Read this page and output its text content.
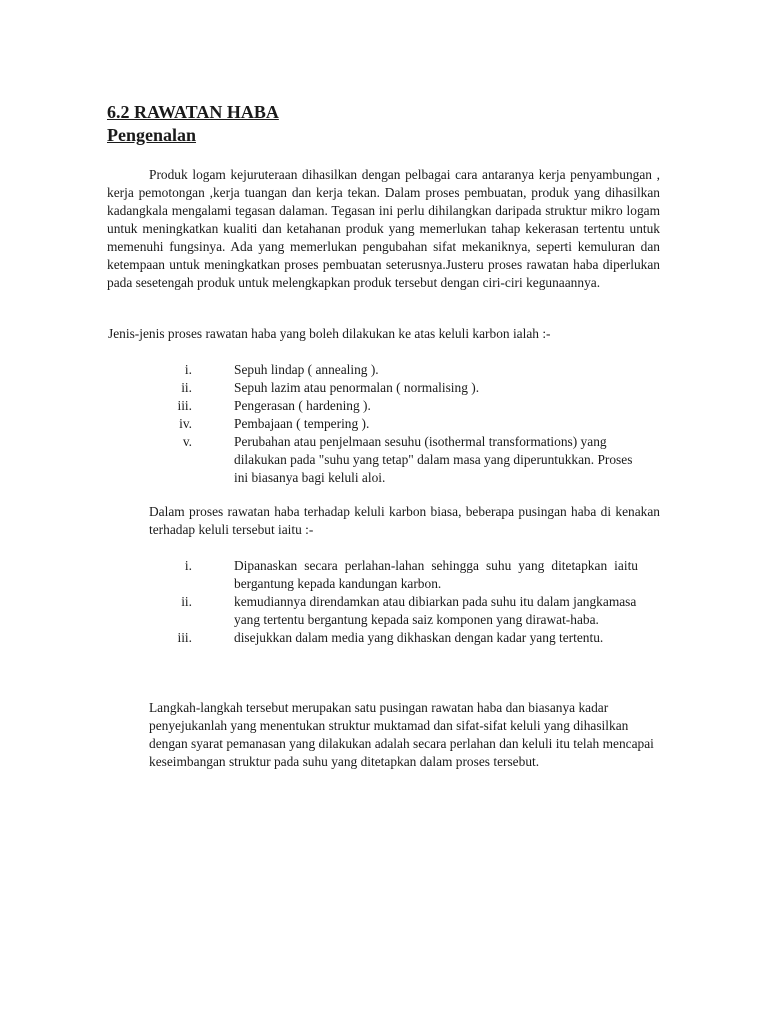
6.2 RAWATAN HABA
Pengenalan

Produk logam kejuruteraan dihasilkan dengan pelbagai cara antaranya kerja penyambungan , kerja pemotongan ,kerja tuangan dan kerja tekan. Dalam proses pembuatan, produk yang dihasilkan kadangkala mengalami tegasan dalaman. Tegasan ini perlu dihilangkan daripada struktur mikro logam untuk meningkatkan kualiti dan ketahanan produk yang memerlukan tahap kekerasan tertentu untuk memenuhi fungsinya. Ada yang memerlukan pengubahan sifat mekaniknya, seperti kemuluran dan ketempaan untuk meningkatkan proses pembuatan seterusnya.Justeru proses rawatan haba diperlukan pada sesetengah produk untuk melengkapkan produk tersebut dengan ciri-ciri kegunaannya.

Jenis-jenis proses rawatan haba yang boleh dilakukan ke atas keluli karbon ialah :-

i.	Sepuh lindap ( annealing ).
ii.	Sepuh lazim atau penormalan ( normalising ).
iii.	Pengerasan ( hardening ).
iv.	Pembajaan ( tempering ).
v.	Perubahan atau penjelmaan sesuhu (isothermal transformations) yang dilakukan pada "suhu yang tetap" dalam masa yang diperuntukkan. Proses ini biasanya bagi keluli aloi.

Dalam proses rawatan haba terhadap keluli karbon biasa, beberapa pusingan haba di kenakan terhadap keluli tersebut iaitu :-

i.	Dipanaskan secara perlahan-lahan sehingga suhu yang ditetapkan iaitu bergantung kepada kandungan karbon.
ii.	kemudiannya direndamkan atau dibiarkan pada suhu itu dalam jangkamasa yang tertentu bergantung kepada saiz komponen yang dirawat-haba.
iii.	disejukkan dalam media yang dikhaskan dengan kadar yang tertentu.

Langkah-langkah tersebut merupakan satu pusingan rawatan haba dan biasanya kadar penyejukanlah yang menentukan struktur muktamad dan sifat-sifat keluli yang dihasilkan dengan syarat pemanasan yang dilakukan adalah secara perlahan dan keluli itu telah mencapai keseimbangan struktur pada suhu yang ditetapkan dalam proses tersebut.
